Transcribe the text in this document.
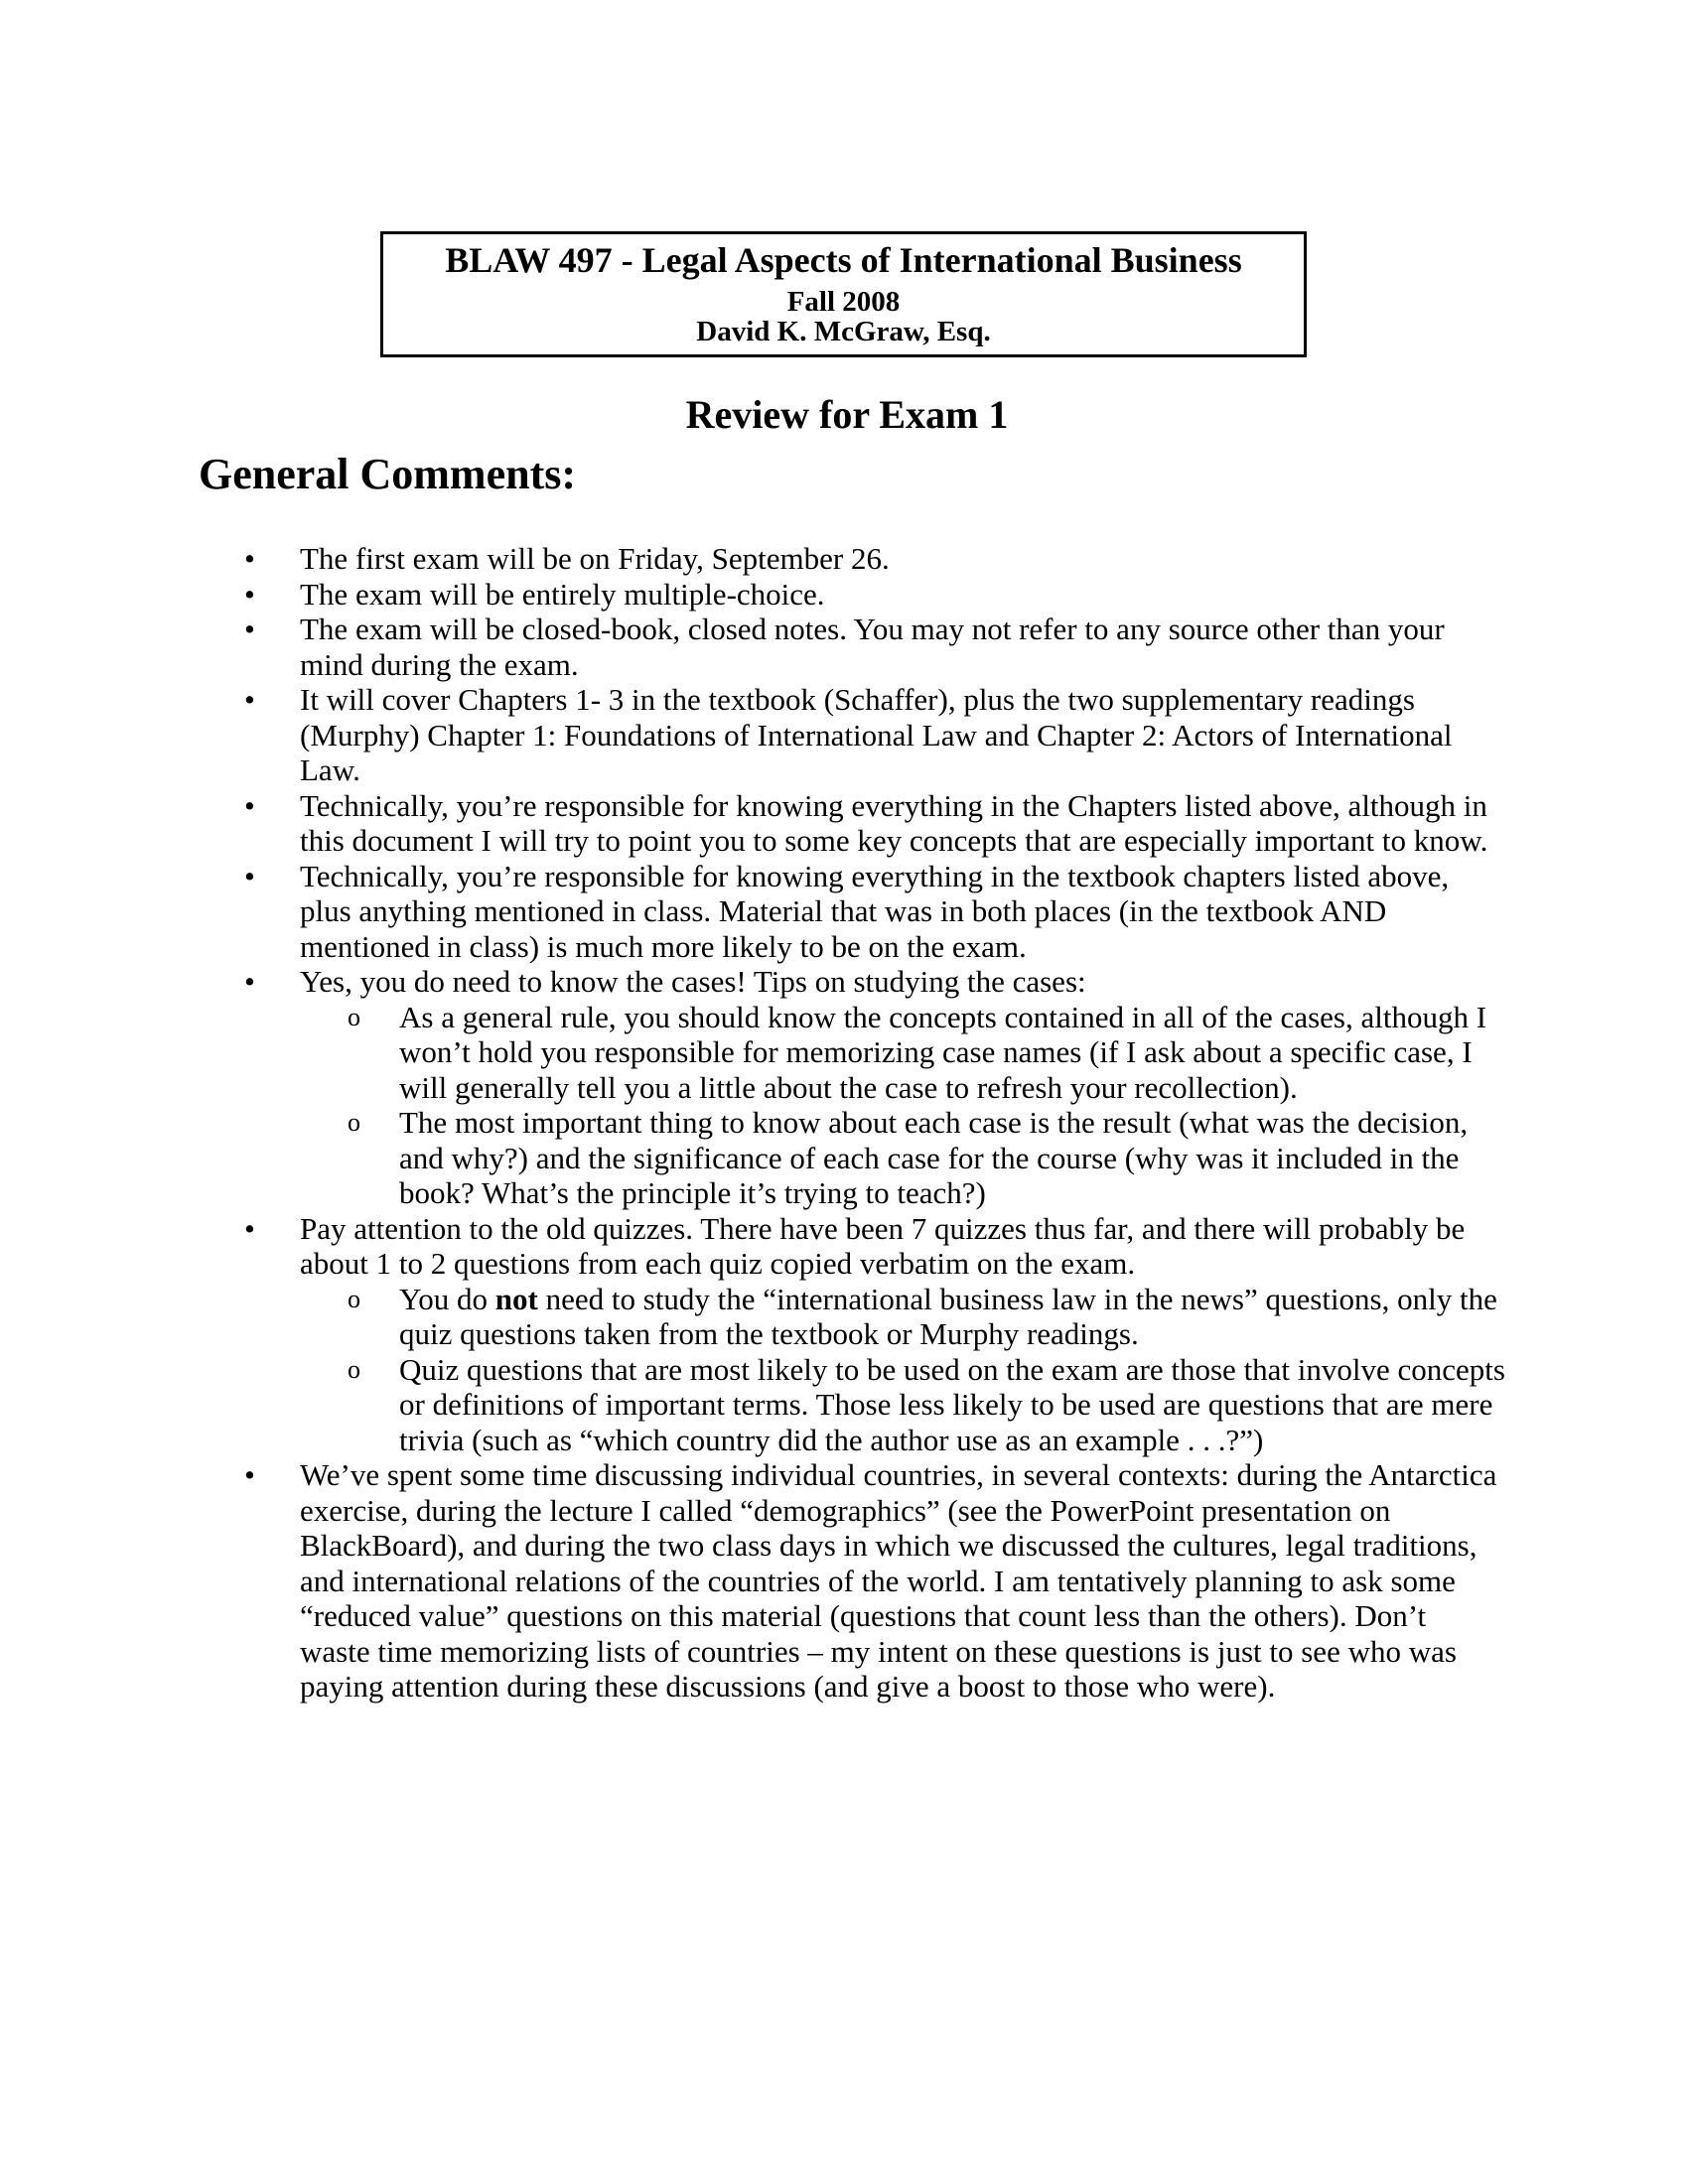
BLAW 497 - Legal Aspects of International Business
Fall 2008
David K. McGraw, Esq.
Review for Exam 1
General Comments:
• The first exam will be on Friday, September 26.
• The exam will be entirely multiple-choice.
• The exam will be closed-book, closed notes. You may not refer to any source other than your
mind during the exam.
• It will cover Chapters 1- 3 in the textbook (Schaffer), plus the two supplementary readings
(Murphy) Chapter 1: Foundations of International Law and Chapter 2: Actors of International
Law.
• Technically, you’re responsible for knowing everything in the Chapters listed above, although in
this document I will try to point you to some key concepts that are especially important to know.
• Technically, you’re responsible for knowing everything in the textbook chapters listed above,
plus anything mentioned in class. Material that was in both places (in the textbook AND
mentioned in class) is much more likely to be on the exam.
• Yes, you do need to know the cases! Tips on studying the cases:
o As a general rule, you should know the concepts contained in all of the cases, although I
won’t hold you responsible for memorizing case names (if I ask about a specific case, I
will generally tell you a little about the case to refresh your recollection).
o The most important thing to know about each case is the result (what was the decision,
and why?) and the significance of each case for the course (why was it included in the
book? What’s the principle it’s trying to teach?)
• Pay attention to the old quizzes. There have been 7 quizzes thus far, and there will probably be
about 1 to 2 questions from each quiz copied verbatim on the exam.
o You do not need to study the “international business law in the news” questions, only the
quiz questions taken from the textbook or Murphy readings.
o Quiz questions that are most likely to be used on the exam are those that involve concepts
or definitions of important terms. Those less likely to be used are questions that are mere
trivia (such as “which country did the author use as an example . . .?”)
• We’ve spent some time discussing individual countries, in several contexts: during the Antarctica
exercise, during the lecture I called “demographics” (see the PowerPoint presentation on
BlackBoard), and during the two class days in which we discussed the cultures, legal traditions,
and international relations of the countries of the world. I am tentatively planning to ask some
“reduced value” questions on this material (questions that count less than the others). Don’t
waste time memorizing lists of countries – my intent on these questions is just to see who was
paying attention during these discussions (and give a boost to those who were).
